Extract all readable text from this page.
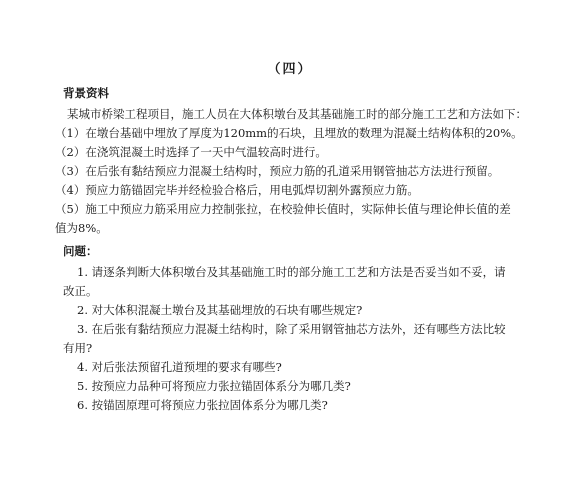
（四）
背景资料
某城市桥梁工程项目，施工人员在大体积墩台及其基础施工时的部分施工工艺和方法如下：
（1）在墩台基础中埋放了厚度为120mm的石块，且埋放的数理为混凝土结构体积的20%。
（2）在浇筑混凝土时选择了一天中气温较高时进行。
（3）在后张有黏结预应力混凝土结构时，预应力筋的孔道采用钢管抽芯方法进行预留。
（4）预应力筋锚固完毕并经检验合格后，用电弧焊切割外露预应力筋。
（5）施工中预应力筋采用应力控制张拉，在校验伸长值时，实际伸长值与理论伸长值的差
值为8%。
问题：
1. 请逐条判断大体积墩台及其基础施工时的部分施工工艺和方法是否妥当如不妥，请
改正。
2. 对大体积混凝土墩台及其基础埋放的石块有哪些规定?
3. 在后张有黏结预应力混凝土结构时，除了采用钢管抽芯方法外，还有哪些方法比较
有用?
4. 对后张法预留孔道预埋的要求有哪些?
5. 按预应力品种可将预应力张拉锚固体系分为哪几类?
6. 按锚固原理可将预应力张拉固体系分为哪几类?
